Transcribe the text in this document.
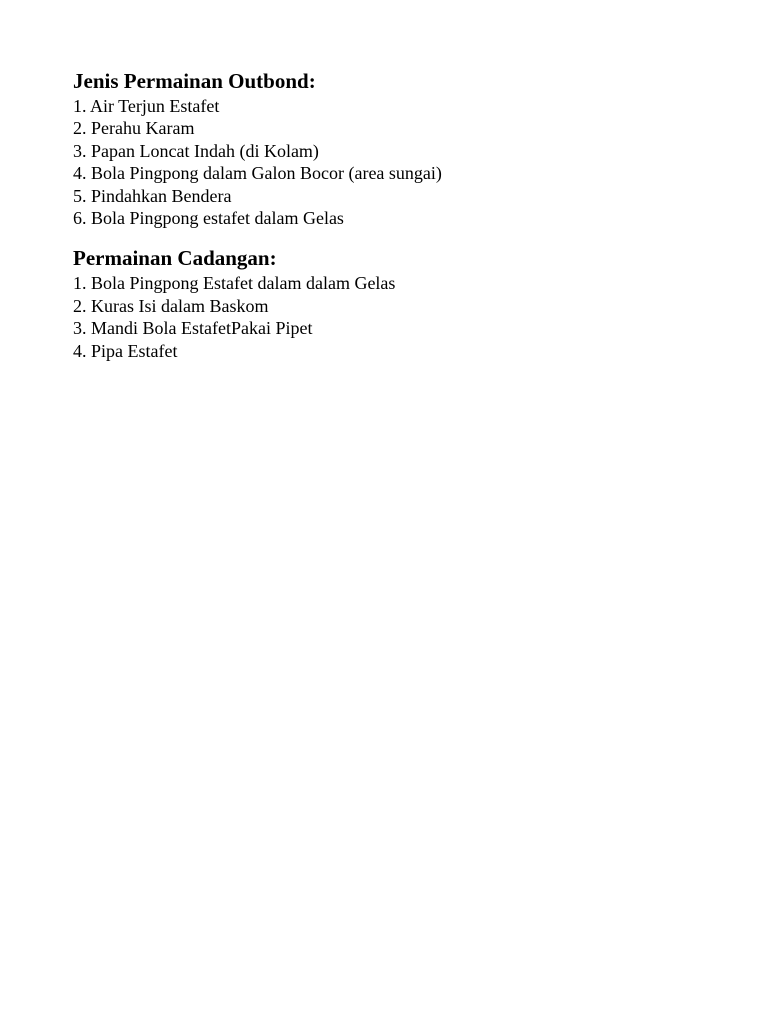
Jenis Permainan Outbond:
1. Air Terjun Estafet
2. Perahu Karam
3. Papan Loncat Indah (di Kolam)
4. Bola Pingpong dalam Galon Bocor (area sungai)
5. Pindahkan Bendera
6. Bola Pingpong estafet dalam Gelas
Permainan Cadangan:
1. Bola Pingpong Estafet dalam dalam Gelas
2. Kuras Isi dalam Baskom
3. Mandi Bola EstafetPakai Pipet
4. Pipa Estafet
